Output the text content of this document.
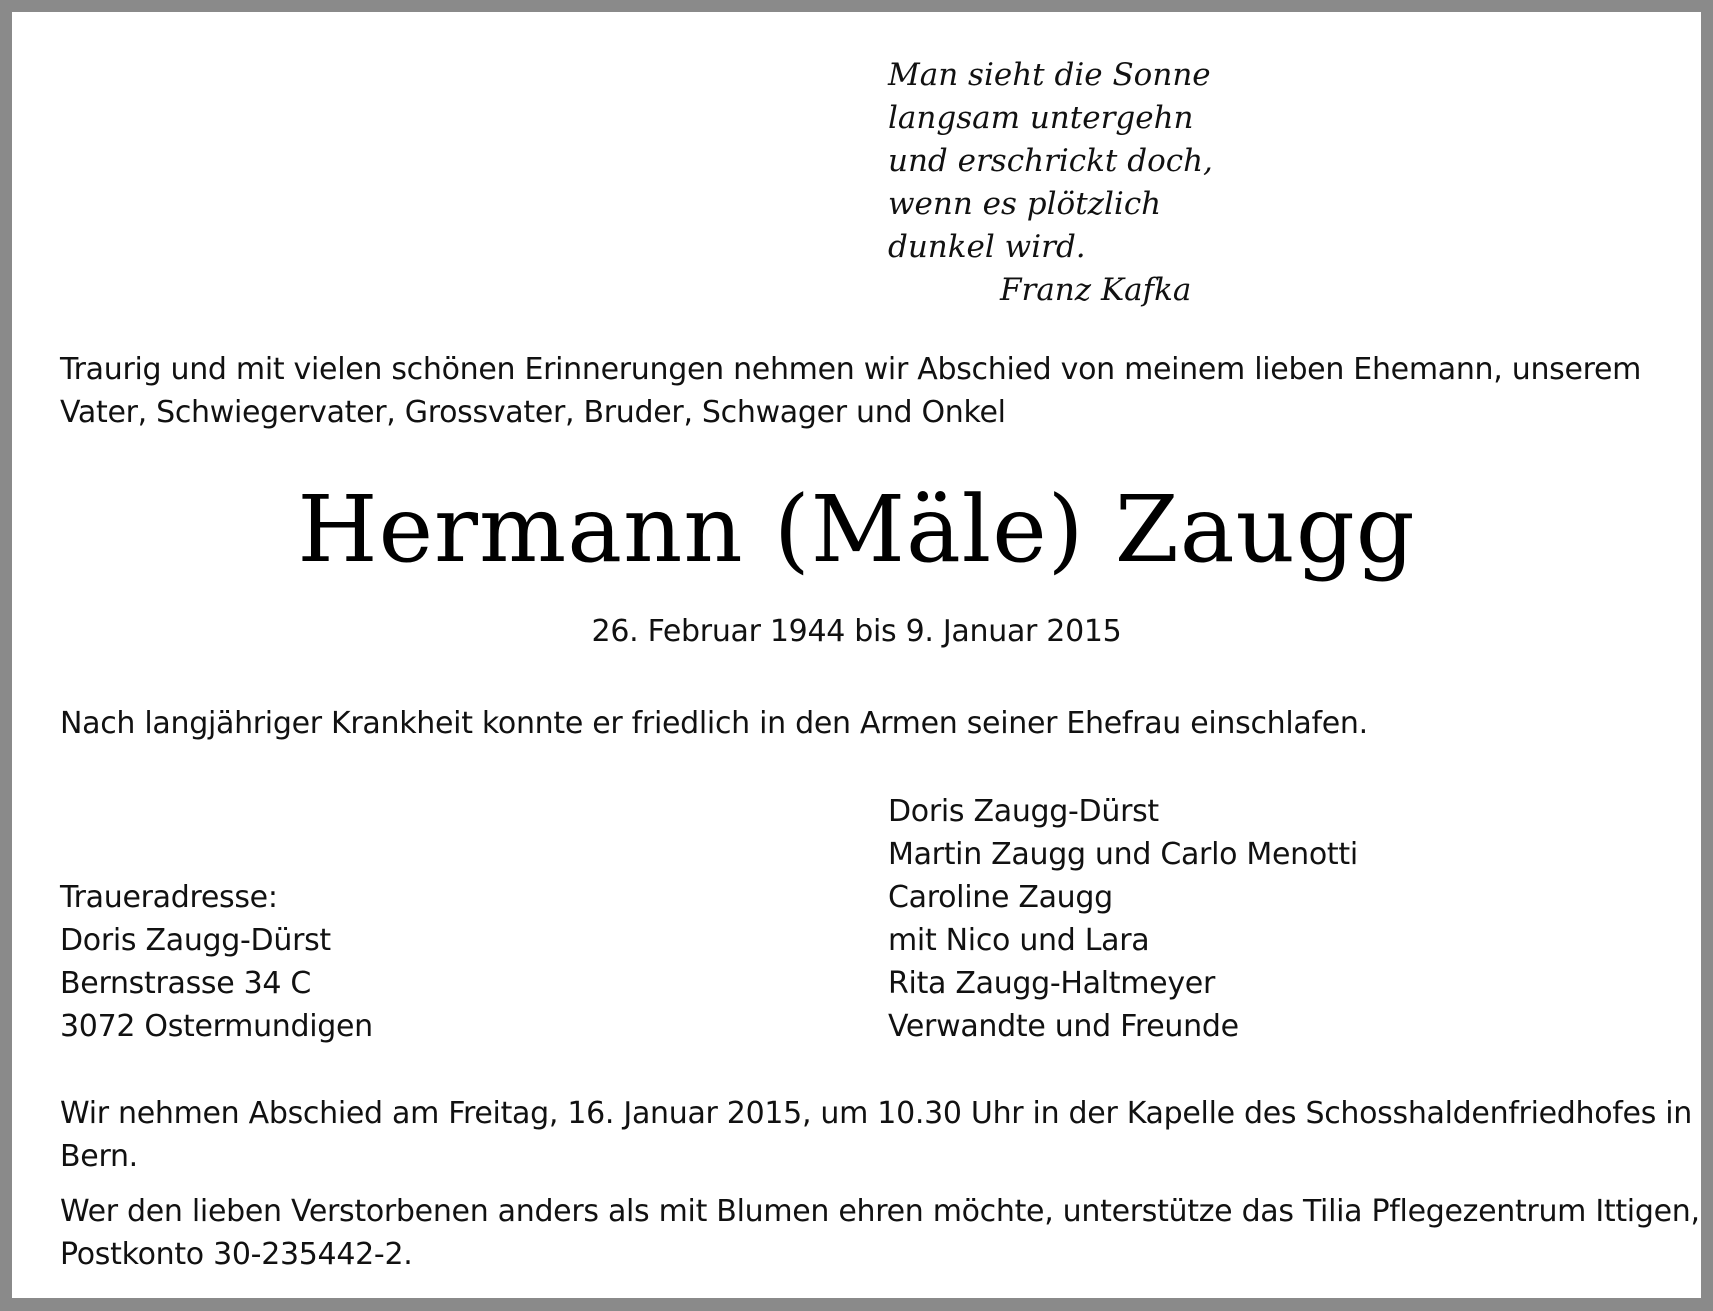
Man sieht die Sonne
langsam untergehn
und erschrickt doch,
wenn es plötzlich
dunkel wird.
Franz Kafka
Traurig und mit vielen schönen Erinnerungen nehmen wir Abschied von meinem lieben Ehemann, unserem
Vater, Schwiegervater, Grossvater, Bruder, Schwager und Onkel
Hermann (Mäle) Zaugg
26. Februar 1944 bis 9. Januar 2015
Nach langjähriger Krankheit konnte er friedlich in den Armen seiner Ehefrau einschlafen.
Doris Zaugg-Dürst
Martin Zaugg und Carlo Menotti
Caroline Zaugg
mit Nico und Lara
Rita Zaugg-Haltmeyer
Verwandte und Freunde
Traueradresse:
Doris Zaugg-Dürst
Bernstrasse 34 C
3072 Ostermundigen
Wir nehmen Abschied am Freitag, 16. Januar 2015, um 10.30 Uhr in der Kapelle des Schosshaldenfriedhofes in
Bern.
Wer den lieben Verstorbenen anders als mit Blumen ehren möchte, unterstütze das Tilia Pflegezentrum Ittigen,
Postkonto 30-235442-2.
